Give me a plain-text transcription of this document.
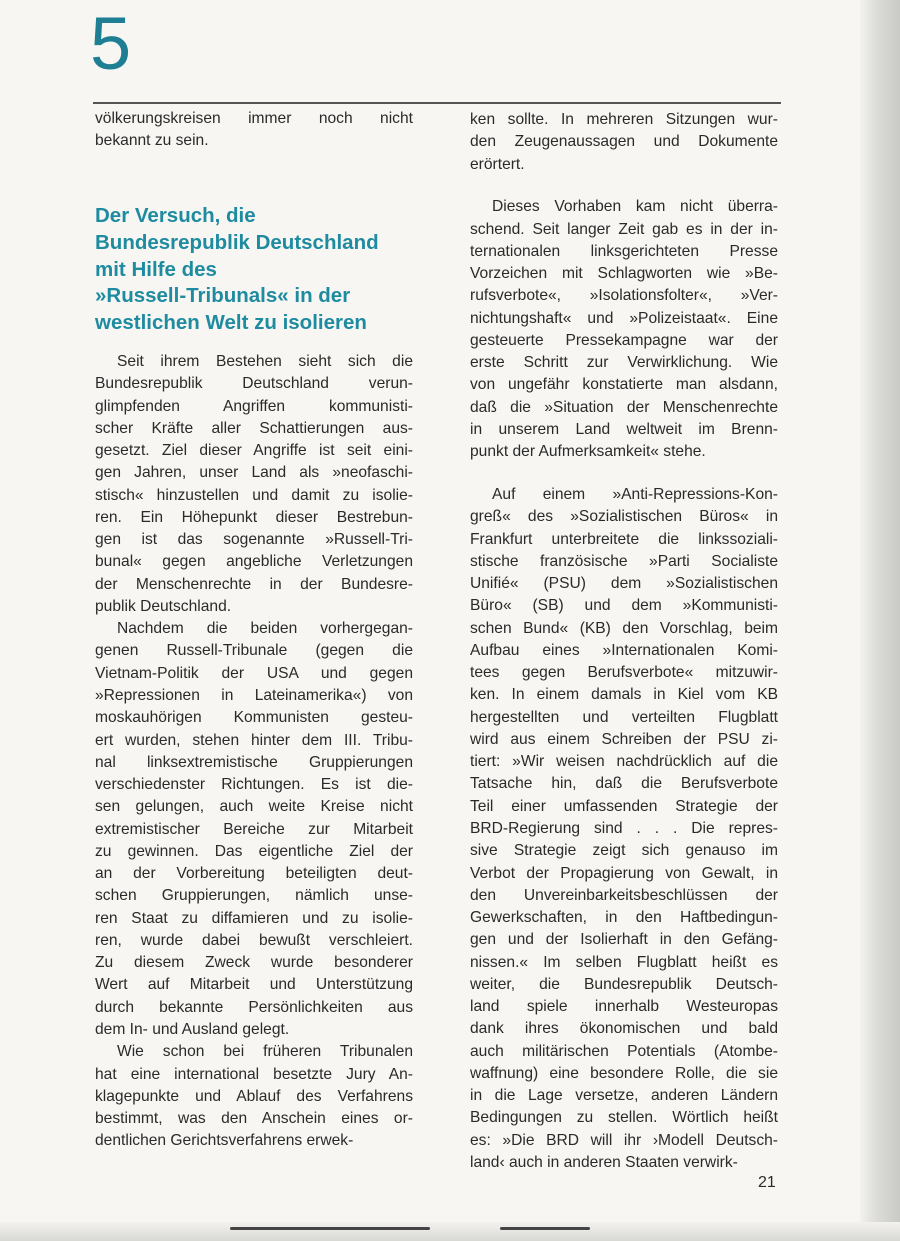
5
völkerungskreisen immer noch nicht
bekannt zu sein.
Der Versuch, die
Bundesrepublik Deutschland
mit Hilfe des
»Russell-Tribunals« in der
westlichen Welt zu isolieren
Seit ihrem Bestehen sieht sich die
Bundesrepublik Deutschland verun-
glimpfenden Angriffen kommunisti-
scher Kräfte aller Schattierungen aus-
gesetzt. Ziel dieser Angriffe ist seit eini-
gen Jahren, unser Land als »neofaschi-
stisch« hinzustellen und damit zu isolie-
ren. Ein Höhepunkt dieser Bestrebun-
gen ist das sogenannte »Russell-Tri-
bunal« gegen angebliche Verletzungen
der Menschenrechte in der Bundesre-
publik Deutschland.
Nachdem die beiden vorhergegan-
genen Russell-Tribunale (gegen die
Vietnam-Politik der USA und gegen
»Repressionen in Lateinamerika«) von
moskauhörigen Kommunisten gesteu-
ert wurden, stehen hinter dem III. Tribu-
nal linksextremistische Gruppierungen
verschiedenster Richtungen. Es ist die-
sen gelungen, auch weite Kreise nicht
extremistischer Bereiche zur Mitarbeit
zu gewinnen. Das eigentliche Ziel der
an der Vorbereitung beteiligten deut-
schen Gruppierungen, nämlich unse-
ren Staat zu diffamieren und zu isolie-
ren, wurde dabei bewußt verschleiert.
Zu diesem Zweck wurde besonderer
Wert auf Mitarbeit und Unterstützung
durch bekannte Persönlichkeiten aus
dem In- und Ausland gelegt.
Wie schon bei früheren Tribunalen
hat eine international besetzte Jury An-
klagepunkte und Ablauf des Verfahrens
bestimmt, was den Anschein eines or-
dentlichen Gerichtsverfahrens erwek-
ken sollte. In mehreren Sitzungen wur-
den Zeugenaussagen und Dokumente
erörtert.
Dieses Vorhaben kam nicht überra-
schend. Seit langer Zeit gab es in der in-
ternationalen linksgerichteten Presse
Vorzeichen mit Schlagworten wie »Be-
rufsverbote«, »Isolationsfolter«, »Ver-
nichtungshaft« und »Polizeistaat«. Eine
gesteuerte Pressekampagne war der
erste Schritt zur Verwirklichung. Wie
von ungefähr konstatierte man alsdann,
daß die »Situation der Menschenrechte
in unserem Land weltweit im Brenn-
punkt der Aufmerksamkeit« stehe.
Auf einem »Anti-Repressions-Kon-
greß« des »Sozialistischen Büros« in
Frankfurt unterbreitete die linkssoziali-
stische französische »Parti Socialiste
Unifié« (PSU) dem »Sozialistischen
Büro« (SB) und dem »Kommunisti-
schen Bund« (KB) den Vorschlag, beim
Aufbau eines »Internationalen Komi-
tees gegen Berufsverbote« mitzuwir-
ken. In einem damals in Kiel vom KB
hergestellten und verteilten Flugblatt
wird aus einem Schreiben der PSU zi-
tiert: »Wir weisen nachdrücklich auf die
Tatsache hin, daß die Berufsverbote
Teil einer umfassenden Strategie der
BRD-Regierung sind . . . Die repres-
sive Strategie zeigt sich genauso im
Verbot der Propagierung von Gewalt, in
den Unvereinbarkeitsbeschlüssen der
Gewerkschaften, in den Haftbedingun-
gen und der Isolierhaft in den Gefäng-
nissen.« Im selben Flugblatt heißt es
weiter, die Bundesrepublik Deutsch-
land spiele innerhalb Westeuropas
dank ihres ökonomischen und bald
auch militärischen Potentials (Atombe-
waffnung) eine besondere Rolle, die sie
in die Lage versetze, anderen Ländern
Bedingungen zu stellen. Wörtlich heißt
es: »Die BRD will ihr ›Modell Deutsch-
land‹ auch in anderen Staaten verwirk-
21
